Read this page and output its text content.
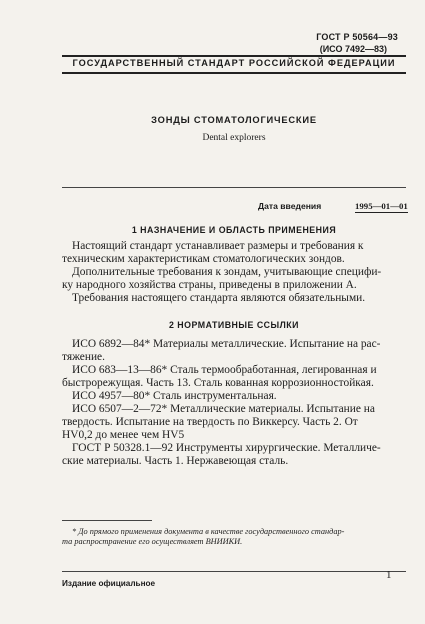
ГОСТ Р 50564—93
(ИСО 7492—83)
ГОСУДАРСТВЕННЫЙ СТАНДАРТ РОССИЙСКОЙ ФЕДЕРАЦИИ
ЗОНДЫ СТОМАТОЛОГИЧЕСКИЕ
Dental explorers
Дата введения	1995—01—01
1 НАЗНАЧЕНИЕ И ОБЛАСТЬ ПРИМЕНЕНИЯ
Настоящий стандарт устанавливает размеры и требования к
техническим характеристикам стоматологических зондов.
Дополнительные требования к зондам, учитывающие специфи-
ку народного хозяйства страны, приведены в приложении А.
Требования настоящего стандарта являются обязательными.
2 НОРМАТИВНЫЕ ССЫЛКИ
ИСО 6892—84* Материалы металлические. Испытание на рас-
тяжение.
ИСО 683—13—86* Сталь термообработанная, легированная и
быстрорежущая. Часть 13. Сталь кованная коррозионностойкая.
ИСО 4957—80* Сталь инструментальная.
ИСО 6507—2—72* Металлические материалы. Испытание на
твердость. Испытание на твердость по Виккерсу. Часть 2. От
HV0,2 до менее чем HV5
ГОСТ Р 50328.1—92 Инструменты хирургические. Металличе-
ские материалы. Часть 1. Нержавеющая сталь.
* До прямого применения документа в качестве государственного стандар-
та распространение его осуществляет ВНИИКИ.
Издание официальное
1
